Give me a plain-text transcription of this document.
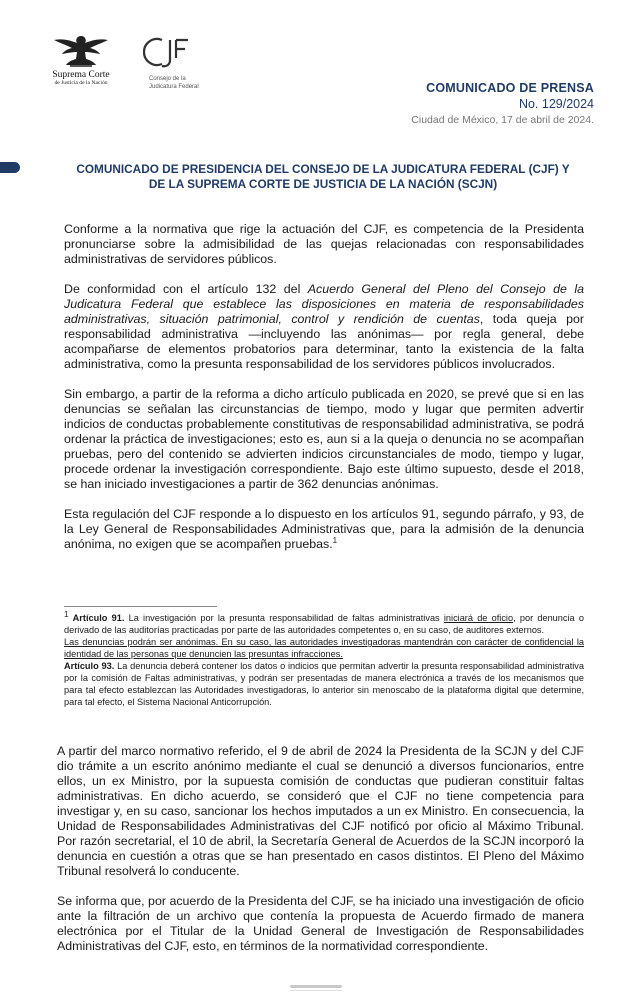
Suprema Corte
de Justicia de la Nación
Consejo de la
Judicatura Federal	COMUNICADO DE PRENSA
No. 129/2024
Ciudad de México, 17 de abril de 2024.
COMUNICADO DE PRESIDENCIA DEL CONSEJO DE LA JUDICATURA FEDERAL (CJF) Y
DE LA SUPREMA CORTE DE JUSTICIA DE LA NACIÓN (SCJN)

Conforme a la normativa que rige la actuación del CJF, es competencia de la Presidenta pronunciarse sobre la admisibilidad de las quejas relacionadas con responsabilidades administrativas de servidores públicos.

De conformidad con el artículo 132 del Acuerdo General del Pleno del Consejo de la Judicatura Federal que establece las disposiciones en materia de responsabilidades administrativas, situación patrimonial, control y rendición de cuentas, toda queja por responsabilidad administrativa —incluyendo las anónimas— por regla general, debe acompañarse de elementos probatorios para determinar, tanto la existencia de la falta administrativa, como la presunta responsabilidad de los servidores públicos involucrados.

Sin embargo, a partir de la reforma a dicho artículo publicada en 2020, se prevé que si en las denuncias se señalan las circunstancias de tiempo, modo y lugar que permiten advertir indicios de conductas probablemente constitutivas de responsabilidad administrativa, se podrá ordenar la práctica de investigaciones; esto es, aun si a la queja o denuncia no se acompañan pruebas, pero del contenido se advierten indicios circunstanciales de modo, tiempo y lugar, procede ordenar la investigación correspondiente. Bajo este último supuesto, desde el 2018, se han iniciado investigaciones a partir de 362 denuncias anónimas.

Esta regulación del CJF responde a lo dispuesto en los artículos 91, segundo párrafo, y 93, de la Ley General de Responsabilidades Administrativas que, para la admisión de la denuncia anónima, no exigen que se acompañen pruebas.$^1$

$^1$ Artículo 91. La investigación por la presunta responsabilidad de faltas administrativas iniciará de oficio, por denuncia o derivado de las auditorías practicadas por parte de las autoridades competentes o, en su caso, de auditores externos.

Las denuncias podrán ser anónimas. En su caso, las autoridades investigadoras mantendrán con carácter de confidencial la identidad de las personas que denuncien las presuntas infracciones.

Artículo 93. La denuncia deberá contener los datos o indicios que permitan advertir la presunta responsabilidad administrativa por la comisión de Faltas administrativas, y podrán ser presentadas de manera electrónica a través de los mecanismos que para tal efecto establezcan las Autoridades investigadoras, lo anterior sin menoscabo de la plataforma digital que determine, para tal efecto, el Sistema Nacional Anticorrupción.

A partir del marco normativo referido, el 9 de abril de 2024 la Presidenta de la SCJN y del CJF dio trámite a un escrito anónimo mediante el cual se denunció a diversos funcionarios, entre ellos, un ex Ministro, por la supuesta comisión de conductas que pudieran constituir faltas administrativas. En dicho acuerdo, se consideró que el CJF no tiene competencia para investigar y, en su caso, sancionar los hechos imputados a un ex Ministro. En consecuencia, la Unidad de Responsabilidades Administrativas del CJF notificó por oficio al Máximo Tribunal. Por razón secretarial, el 10 de abril, la Secretaría General de Acuerdos de la SCJN incorporó la denuncia en cuestión a otras que se han presentado en casos distintos. El Pleno del Máximo Tribunal resolverá lo conducente.

Se informa que, por acuerdo de la Presidenta del CJF, se ha iniciado una investigación de oficio ante la filtración de un archivo que contenía la propuesta de Acuerdo firmado de manera electrónica por el Titular de la Unidad General de Investigación de Responsabilidades Administrativas del CJF, esto, en términos de la normatividad correspondiente.
